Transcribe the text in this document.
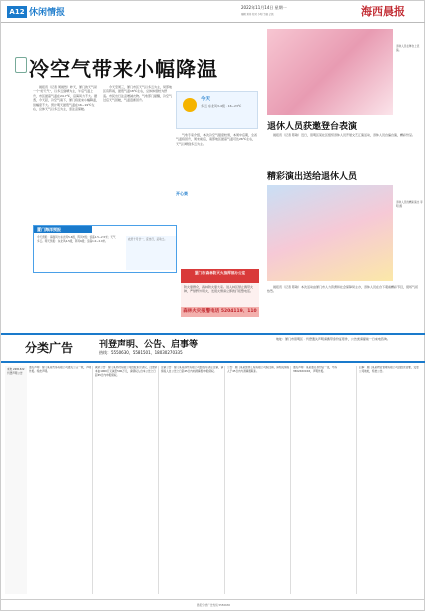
A12 休闲情报
2022年11月14日 星期一
编辑 邓伟 校对 李明 美编 余凯	海西晨报
冷空气带来小幅降温
晨报讯（记者 周晨然）昨天，厦门的天气是一个“好天气”，以多云到晴为主，午后气温上升，市区最高气温在24.7℃，沿海风力不大。据悉，今天起，冷空气南下，厦门将迎来小幅降温，但幅度不大。预计明天最低气温在16~19℃左右，总体天气以多云为主，需注意保暖。
今天至周三，厦门市区天气以多云为主，局部地区有阵雨，最低气温18℃左右，总体体感较为舒适。市民出行注意增减衣物。气象部门提醒，冷空气过后天气回暖，气温逐渐回升。	今天
多云 东北风3-4级 · 16~23℃
气象专家介绍，本次冷空气强度较弱，本周中后期，全省气温将回升，周末前后，南部地区最高气温可达26℃左右，天气以晴到多云为主。
开心果
厦门海洋预报
今天预报：海面风力东北风5-6级，阵风7级；浪高1.5~2.5米；天气多云。明天预报：东北风4-5级，阵风6级；浪高1.0~2.0米。
农历十月廿一，宜出行，忌动土。
厦门市森林防灭火指挥部办公室
防火靠群众，森林防火靠大家。进入林区禁止携带火种，严禁野外用火，发现火情请立即拨打报警电话。
森林火灾报警电话 5204119、110
退休人员在舞台上表演。
退休人员获邀登台表演
晨报讯（记者 陈敏）近日，思明区某社区组织退休人员开展文艺汇演活动，退休人员自编自演，精彩纷呈。
精彩演出送给退休人员
退休人员的精彩演出 李明 摄
晨报讯（记者 陈敏）本次活动由厦门市人力资源和社会保障局主办，退休人员在台下观看精彩节目，现场气氛热烈。
分类广告	刊登声明、公告、启事等
热线：5550630、5581501、18030270335
地址：厦门市思明区 · 刊登遗失声明请携带身份证原件，公告类请提前一日来电咨询。
来电 2281322 刊登声明公告
遗失声明：厦门某某贸易有限公司遗失公章一枚，声明作废。特此声明。
减资公告：厦门某科技有限公司经股东会决议，注册资本由1000万元减至500万元，请债权人自本公告之日起45日内申报债权。
注销公告：厦门某某商贸有限公司经股东决定注销，请债权人自公告之日起45日内向清算组申报债权。
公告：厦门某某装饰工程有限公司拟注销，请相关债权人于45日内与清算组联系。
遗失声明：某某遗失身份证一张，号码3502XXXXXX，声明作废。
启事：厦门某某物业管理有限公司因经营需要，变更公司地址，特此公告。
晨报分类广告热线 5550630
